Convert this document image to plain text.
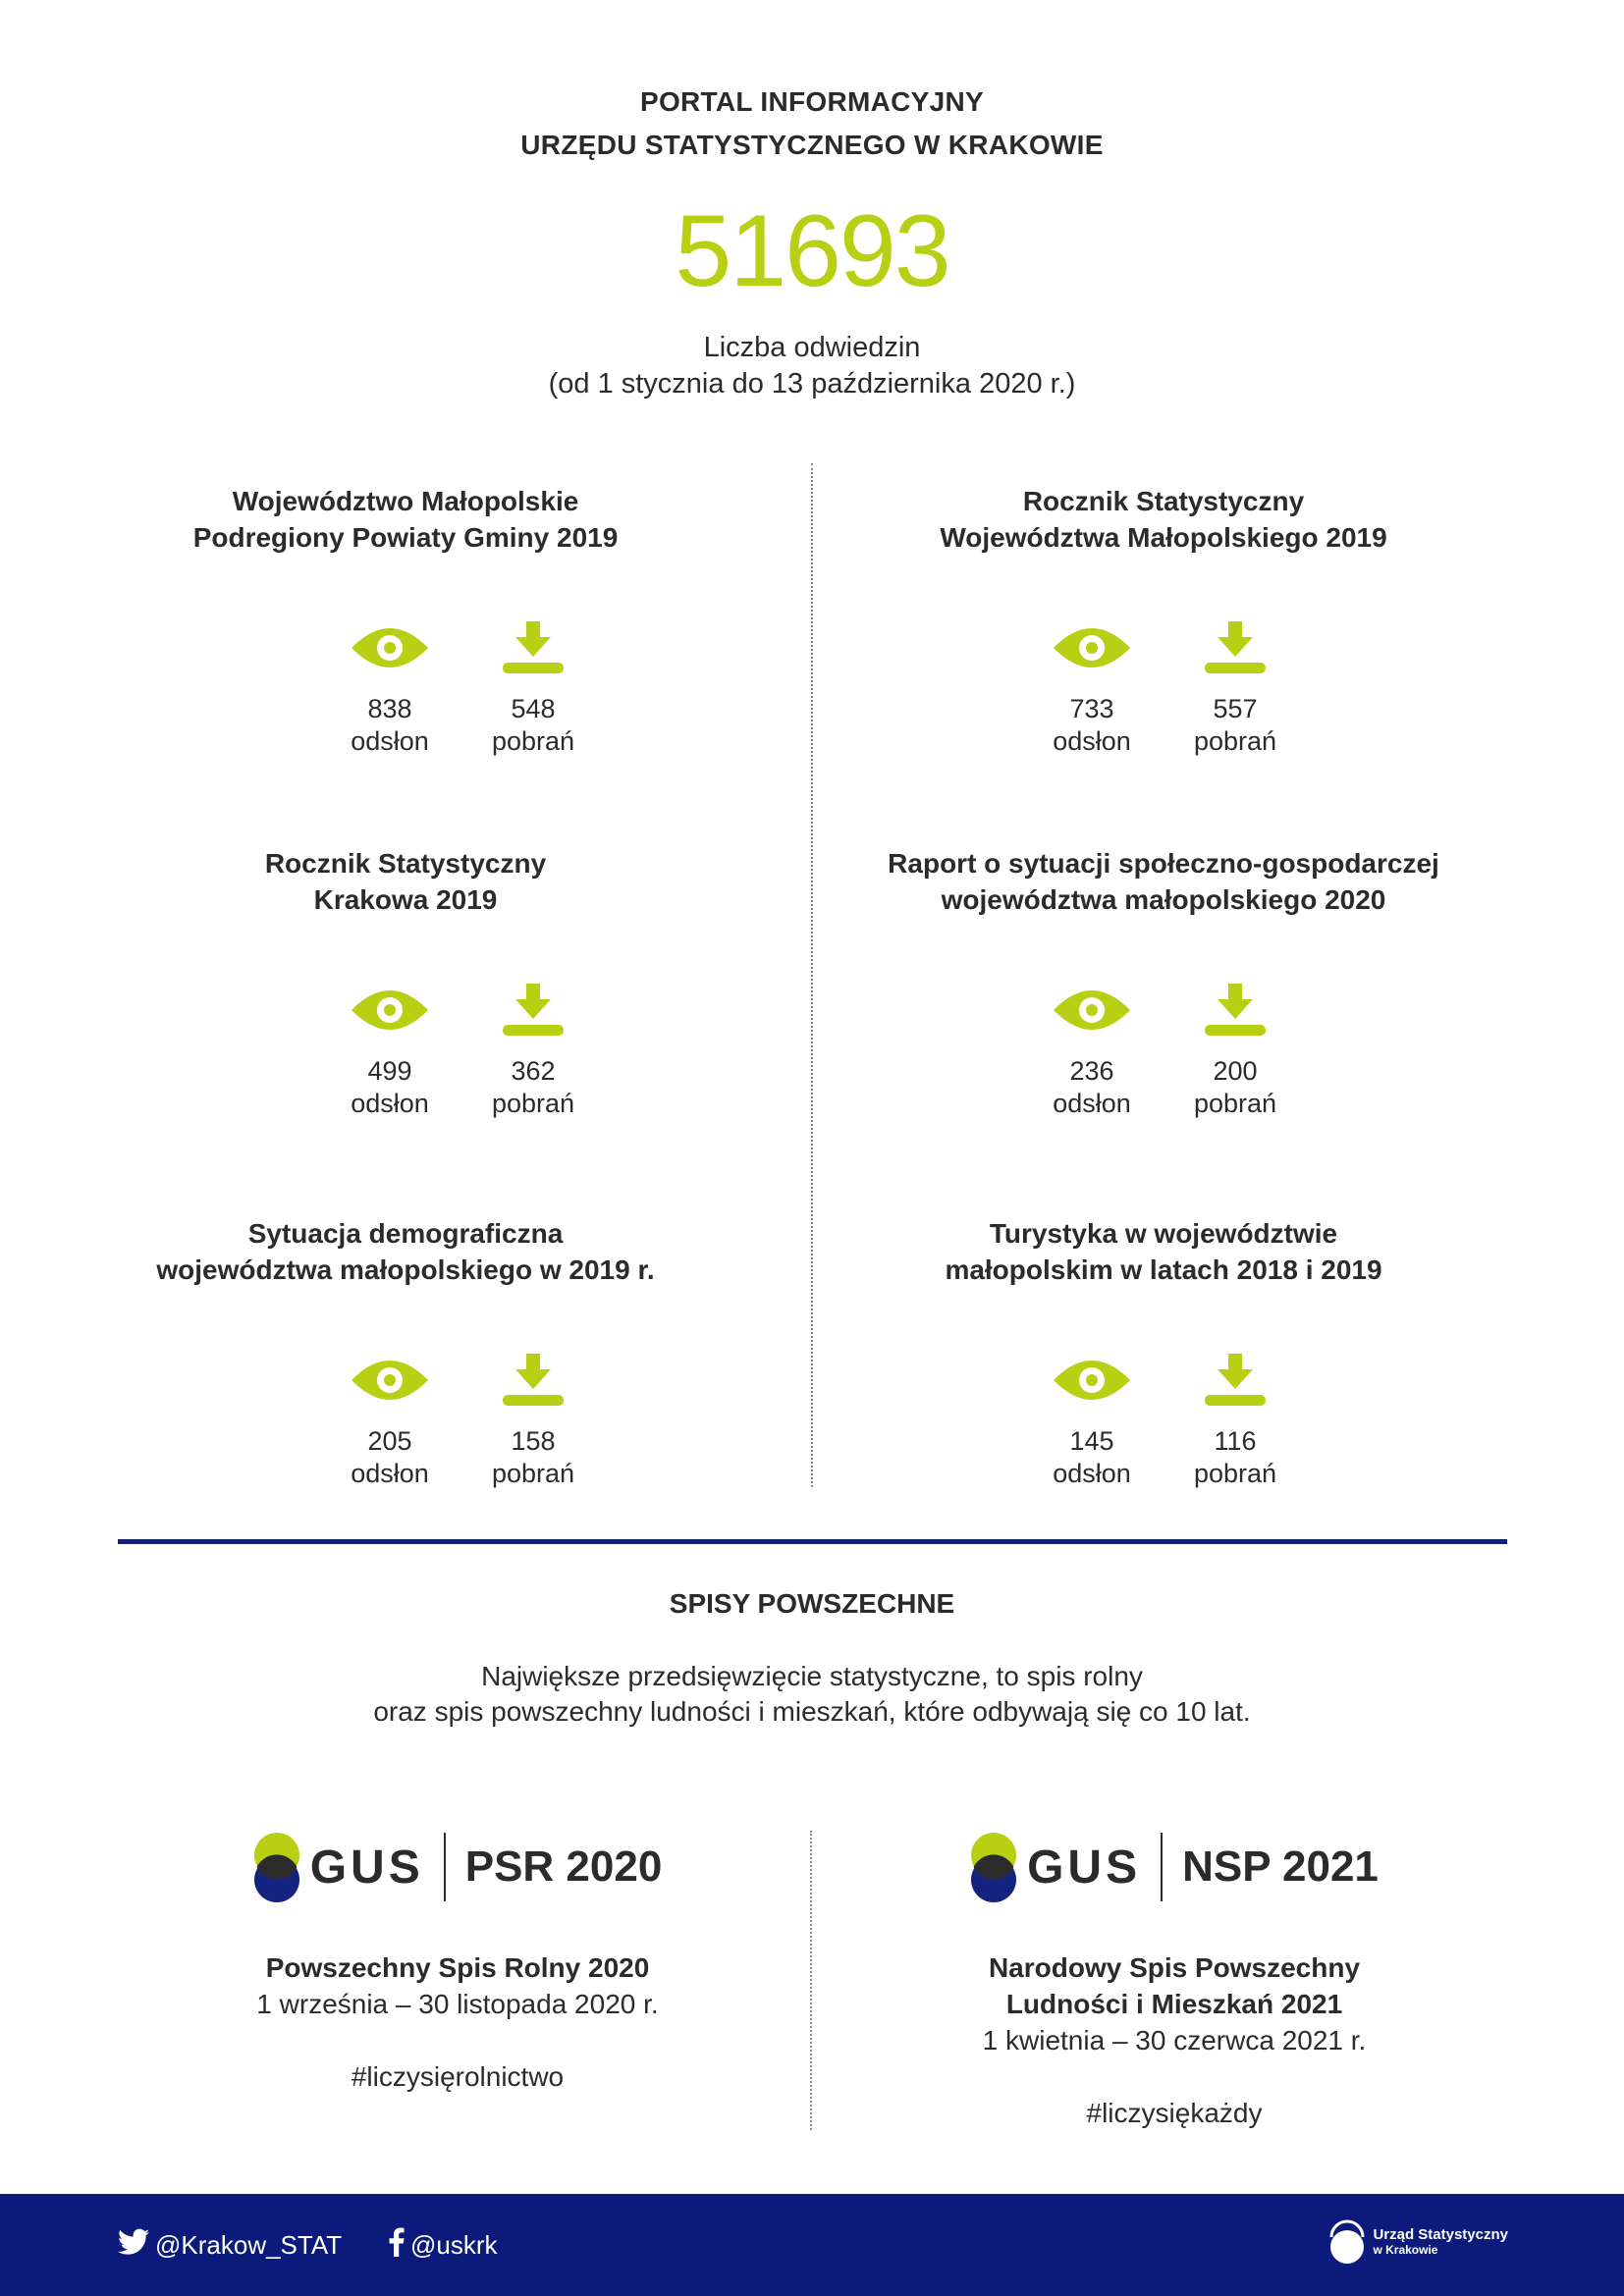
PORTAL INFORMACYJNY
URZĘDU STATYSTYCZNEGO W KRAKOWIE
51693
Liczba odwiedzin
(od 1 stycznia do 13 października 2020 r.)
Województwo Małopolskie
Podregiony Powiaty Gminy 2019
838
odsłon
548
pobrań
Rocznik Statystyczny
Województwa Małopolskiego 2019
733
odsłon
557
pobrań
Rocznik Statystyczny
Krakowa 2019
499
odsłon
362
pobrań
Raport o sytuacji społeczno-gospodarczej
województwa małopolskiego 2020
236
odsłon
200
pobrań
Sytuacja demograficzna
województwa małopolskiego w 2019 r.
205
odsłon
158
pobrań
Turystyka w województwie
małopolskim w latach 2018 i 2019
145
odsłon
116
pobrań
SPISY POWSZECHNE
Największe przedsięwzięcie statystyczne, to spis rolny
oraz spis powszechny ludności i mieszkań, które odbywają się co 10 lat.
GUS PSR 2020
Powszechny Spis Rolny 2020
1 września – 30 listopada 2020 r.
#liczysięrolnictwo
GUS NSP 2021
Narodowy Spis Powszechny
Ludności i Mieszkań 2021
1 kwietnia – 30 czerwca 2021 r.
#liczysiękażdy
@Krakow_STAT	@uskrk	Urząd Statystyczny
w Krakowie
